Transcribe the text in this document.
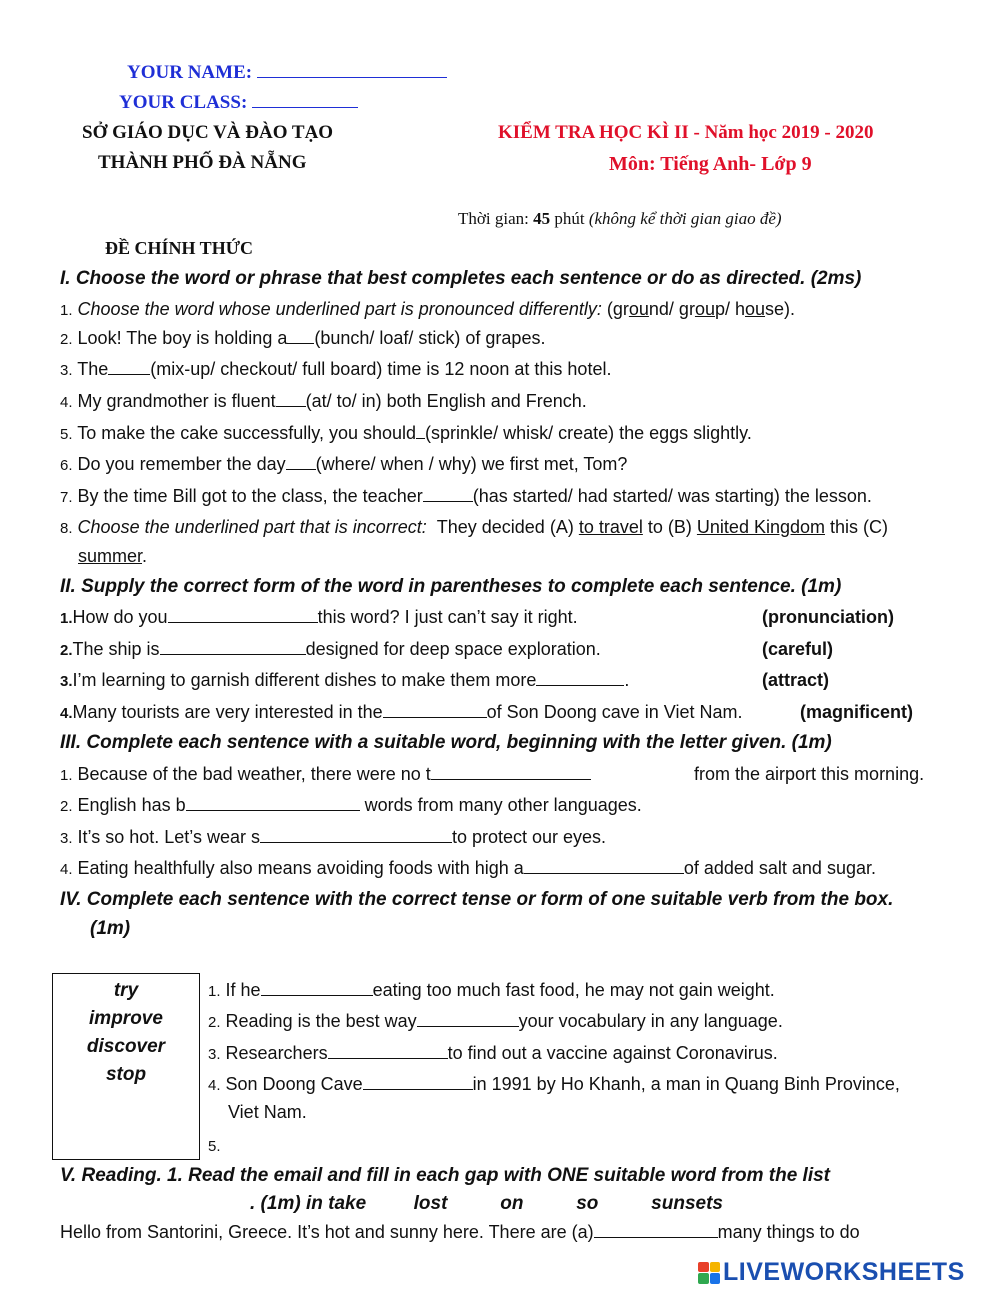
YOUR NAME:
YOUR CLASS:
SỞ GIÁO DỤC VÀ ĐÀO TẠO
THÀNH PHỐ ĐÀ NẴNG
KIỂM TRA HỌC KÌ II - Năm học 2019 - 2020
Môn: Tiếng Anh- Lớp 9
Thời gian: 45 phút (không kể thời gian giao đề)
ĐỀ CHÍNH THỨC
I. Choose the word or phrase that best completes each sentence or do as directed. (2ms)
1. Choose the word whose underlined part is pronounced differently: (ground/ group/ house).
2. Look! The boy is holding a (bunch/ loaf/ stick) of grapes.
3. The (mix-up/ checkout/ full board) time is 12 noon at this hotel.
4. My grandmother is fluent (at/ to/ in) both English and French.
5. To make the cake successfully, you should (sprinkle/ whisk/ create) the eggs slightly.
6. Do you remember the day (where/ when / why) we first met, Tom?
7. By the time Bill got to the class, the teacher	(has started/ had started/ was starting) the lesson.
8. Choose the underlined part that is incorrect: They decided (A) to travel to (B) United Kingdom this (C)
summer.
II. Supply the correct form of the word in parentheses to complete each sentence. (1m)
1.How do you	this word? I just can’t say it right.	(pronunciation)
2.The ship is	designed for deep space exploration.	(careful)
3.I’m learning to garnish different dishes to make them more	.	(attract)
4.Many tourists are very interested in the	of Son Doong cave in Viet Nam.	(magnificent)
III. Complete each sentence with a suitable word, beginning with the letter given. (1m)
1. Because of the bad weather, there were no t	from the airport this morning.
2. English has b	words from many other languages.
3. It’s so hot. Let’s wear s	to protect our eyes.
4. Eating healthfully also means avoiding foods with high a	of added salt and sugar.
IV. Complete each sentence with the correct tense or form of one suitable verb from the box.
(1m)
try
improve
discover
stop
1. If he	eating too much fast food, he may not gain weight.
2. Reading is the best way	your vocabulary in any language.
3. Researchers	to find out a vaccine against Coronavirus.
4. Son Doong Cave	in 1991 by Ho Khanh, a man in Quang Binh Province,
Viet Nam.
5.
V. Reading. 1. Read the email and fill in each gap with ONE suitable word from the list
. (1m) in take         lost          on          so          sunsets
Hello from Santorini, Greece. It’s hot and sunny here. There are (a)	many things to do
LIVEWORKSHEETS
